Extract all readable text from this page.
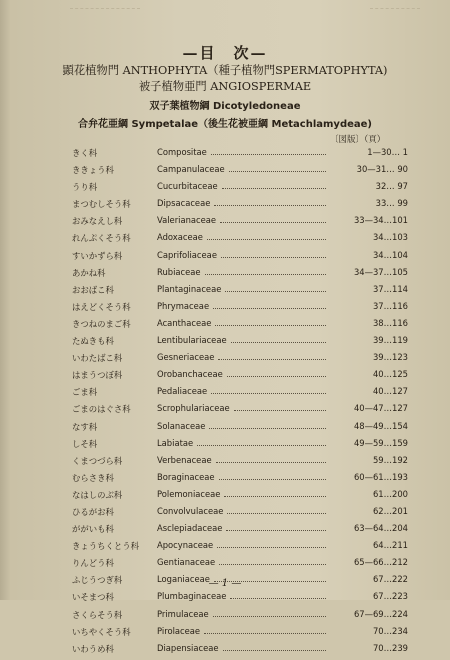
—目　次—
顕花植物門 ANTHOPHYTA（種子植物門SPERMATOPHYTA)
被子植物亜門 ANGIOSPERMAE
双子葉植物綱 Dicotyledoneae
合弁花亜綱 Sympetalae（後生花被亜綱 Metachlamydeae)
〔図版〕（頁）
きく科	Compositae	1—30… 1
ききょう科	Campanulaceae	30—31… 90
うり科	Cucurbitaceae	32… 97
まつむしそう科	Dipsacaceae	33… 99
おみなえし科	Valerianaceae	33—34…101
れんぷくそう科	Adoxaceae	34…103
すいかずら科	Caprifoliaceae	34…104
あかね科	Rubiaceae	34—37…105
おおばこ科	Plantaginaceae	37…114
はえどくそう科	Phrymaceae	37…116
きつねのまご科	Acanthaceae	38…116
たぬきも科	Lentibulariaceae	39…119
いわたばこ科	Gesneriaceae	39…123
はまうつぼ科	Orobanchaceae	40…125
ごま科	Pedaliaceae	40…127
ごまのはぐさ科	Scrophulariaceae	40—47…127
なす科	Solanaceae	48—49…154
しそ科	Labiatae	49—59…159
くまつづら科	Verbenaceae	59…192
むらさき科	Boraginaceae	60—61…193
なはしのぶ科	Polemoniaceae	61…200
ひるがお科	Convolvulaceae	62…201
ががいも科	Asclepiadaceae	63—64…204
きょうちくとう科	Apocynaceae	64…211
りんどう科	Gentianaceae	65—66…212
ふじうつぎ科	Loganiaceae	67…222
いそまつ科	Plumbaginaceae	67…223
さくらそう科	Primulaceae	67—69…224
いちやくそう科	Pirolaceae	70…234
いわうめ科	Diapensiaceae	70…239
— 1 —
